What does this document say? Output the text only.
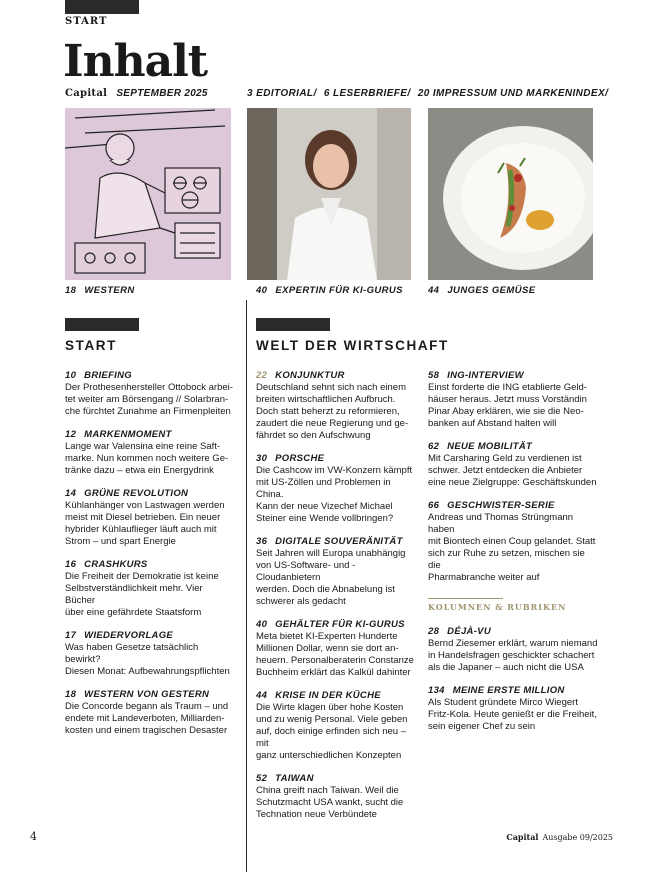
START
Inhalt
Capital SEPTEMBER 2025	3 EDITORIAL/ 6 LESERBRIEFE/ 20 IMPRESSUM UND MARKENINDEX/
18 WESTERN	40 EXPERTIN FÜR KI-GURUS	44 JUNGES GEMÜSE
START	WELT DER WIRTSCHAFT
10 BRIEFING
Der Prothesenhersteller Ottobock arbei-
tet weiter am Börsengang // Solarbran-
che fürchtet Zunahme an Firmenpleiten
12 MARKENMOMENT
Lange war Valensina eine reine Saft-
marke. Nun kommen noch weitere Ge-
tränke dazu – etwa ein Energydrink
14 GRÜNE REVOLUTION
Kühlanhänger von Lastwagen werden
meist mit Diesel betrieben. Ein neuer
hybrider Kühlauflieger läuft auch mit
Strom – und spart Energie
16 CRASHKURS
Die Freiheit der Demokratie ist keine
Selbstverständlichkeit mehr. Vier Bücher
über eine gefährdete Staatsform
17 WIEDERVORLAGE
Was haben Gesetze tatsächlich bewirkt?
Diesen Monat: Aufbewahrungspflichten
18 WESTERN VON GESTERN
Die Concorde begann als Traum – und
endete mit Landeverboten, Milliarden-
kosten und einem tragischen Desaster
22 KONJUNKTUR
Deutschland sehnt sich nach einem
breiten wirtschaftlichen Aufbruch.
Doch statt beherzt zu reformieren,
zaudert die neue Regierung und ge-
fährdet so den Aufschwung
30 PORSCHE
Die Cashcow im VW-Konzern kämpft
mit US-Zöllen und Problemen in China.
Kann der neue Vizechef Michael
Steiner eine Wende vollbringen?
36 DIGITALE SOUVERÄNITÄT
Seit Jahren will Europa unabhängig
von US-Software- und -Cloudanbietern
werden. Doch die Abnabelung ist
schwerer als gedacht
40 GEHÄLTER FÜR KI-GURUS
Meta bietet KI-Experten Hunderte
Millionen Dollar, wenn sie dort an-
heuern. Personalberaterin Constanze
Buchheim erklärt das Kalkül dahinter
44 KRISE IN DER KÜCHE
Die Wirte klagen über hohe Kosten
und zu wenig Personal. Viele geben
auf, doch einige erfinden sich neu – mit
ganz unterschiedlichen Konzepten
52 TAIWAN
China greift nach Taiwan. Weil die
Schutzmacht USA wankt, sucht die
Technation neue Verbündete
58 ING-INTERVIEW
Einst forderte die ING etablierte Geld-
häuser heraus. Jetzt muss Vorständin
Pinar Abay erklären, wie sie die Neo-
banken auf Abstand halten will
62 NEUE MOBILITÄT
Mit Carsharing Geld zu verdienen ist
schwer. Jetzt entdecken die Anbieter
eine neue Zielgruppe: Geschäftskunden
66 GESCHWISTER-SERIE
Andreas und Thomas Strüngmann haben
mit Biontech einen Coup gelandet. Statt
sich zur Ruhe zu setzen, mischen sie die
Pharmabranche weiter auf
KOLUMNEN & RUBRIKEN
28 DÉJÀ-VU
Bernd Ziesemer erklärt, warum niemand
in Handelsfragen geschickter schachert
als die Japaner – auch nicht die USA
134 MEINE ERSTE MILLION
Als Student gründete Mirco Wiegert
Fritz-Kola. Heute genießt er die Freiheit,
sein eigener Chef zu sein
4	Capital Ausgabe 09/2025
